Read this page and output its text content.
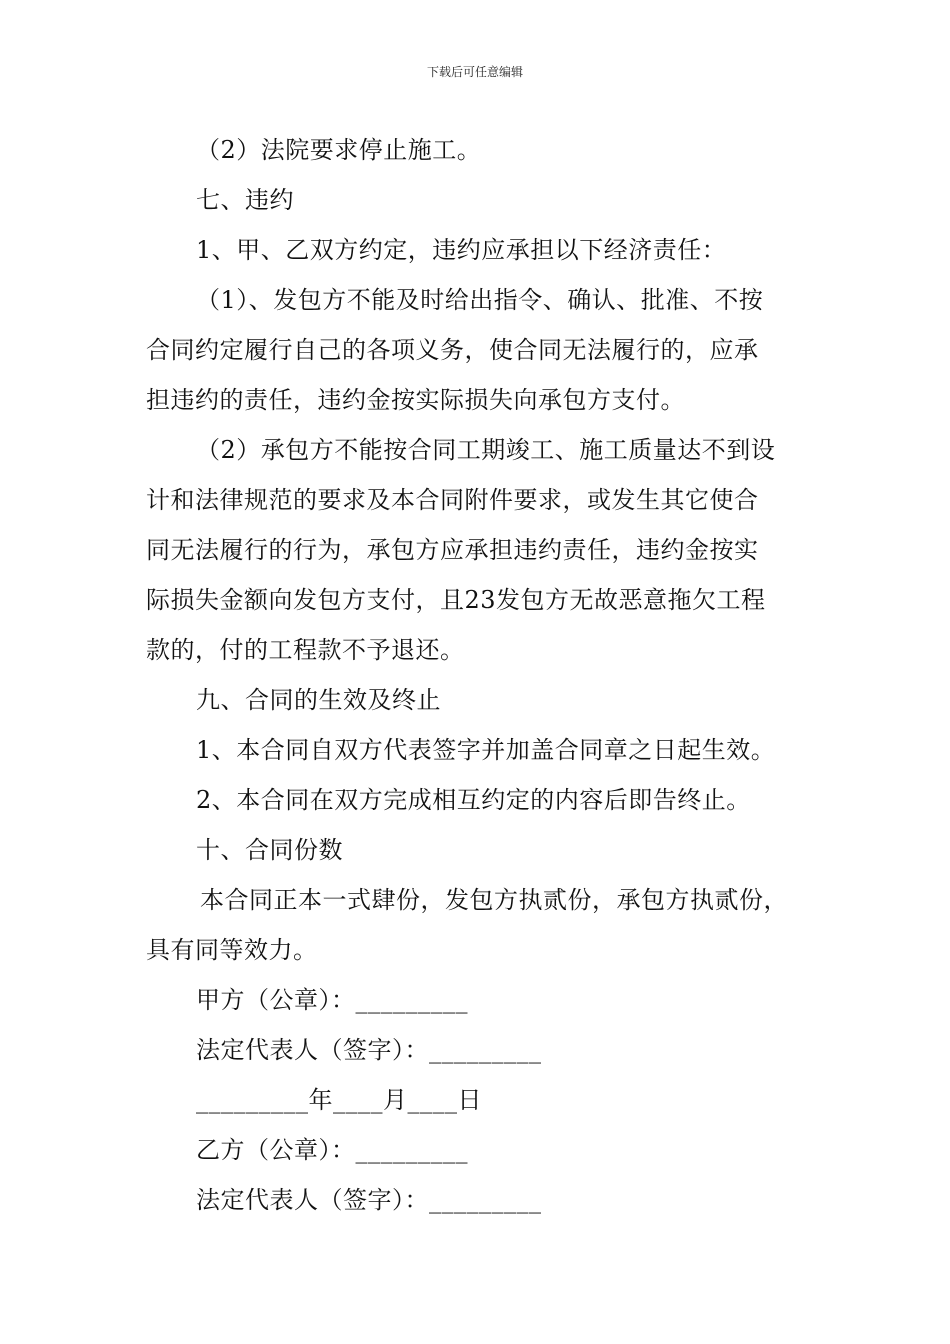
下载后可任意编辑
（2）法院要求停止施工。
七、违约
1、甲、乙双方约定，违约应承担以下经济责任：
（1）、发包方不能及时给出指令、确认、批准、不按
合同约定履行自己的各项义务，使合同无法履行的，应承
担违约的责任，违约金按实际损失向承包方支付。
（2）承包方不能按合同工期竣工、施工质量达不到设
计和法律规范的要求及本合同附件要求，或发生其它使合
同无法履行的行为，承包方应承担违约责任，违约金按实
际损失金额向发包方支付，且23发包方无故恶意拖欠工程
款的，付的工程款不予退还。
九、合同的生效及终止
1、本合同自双方代表签字并加盖合同章之日起生效。
2、本合同在双方完成相互约定的内容后即告终止。
十、合同份数
本合同正本一式肆份，发包方执贰份，承包方执贰份，
具有同等效力。
甲方（公章）：_________
法定代表人（签字）：_________
_________年____月____日
乙方（公章）：_________
法定代表人（签字）：_________
